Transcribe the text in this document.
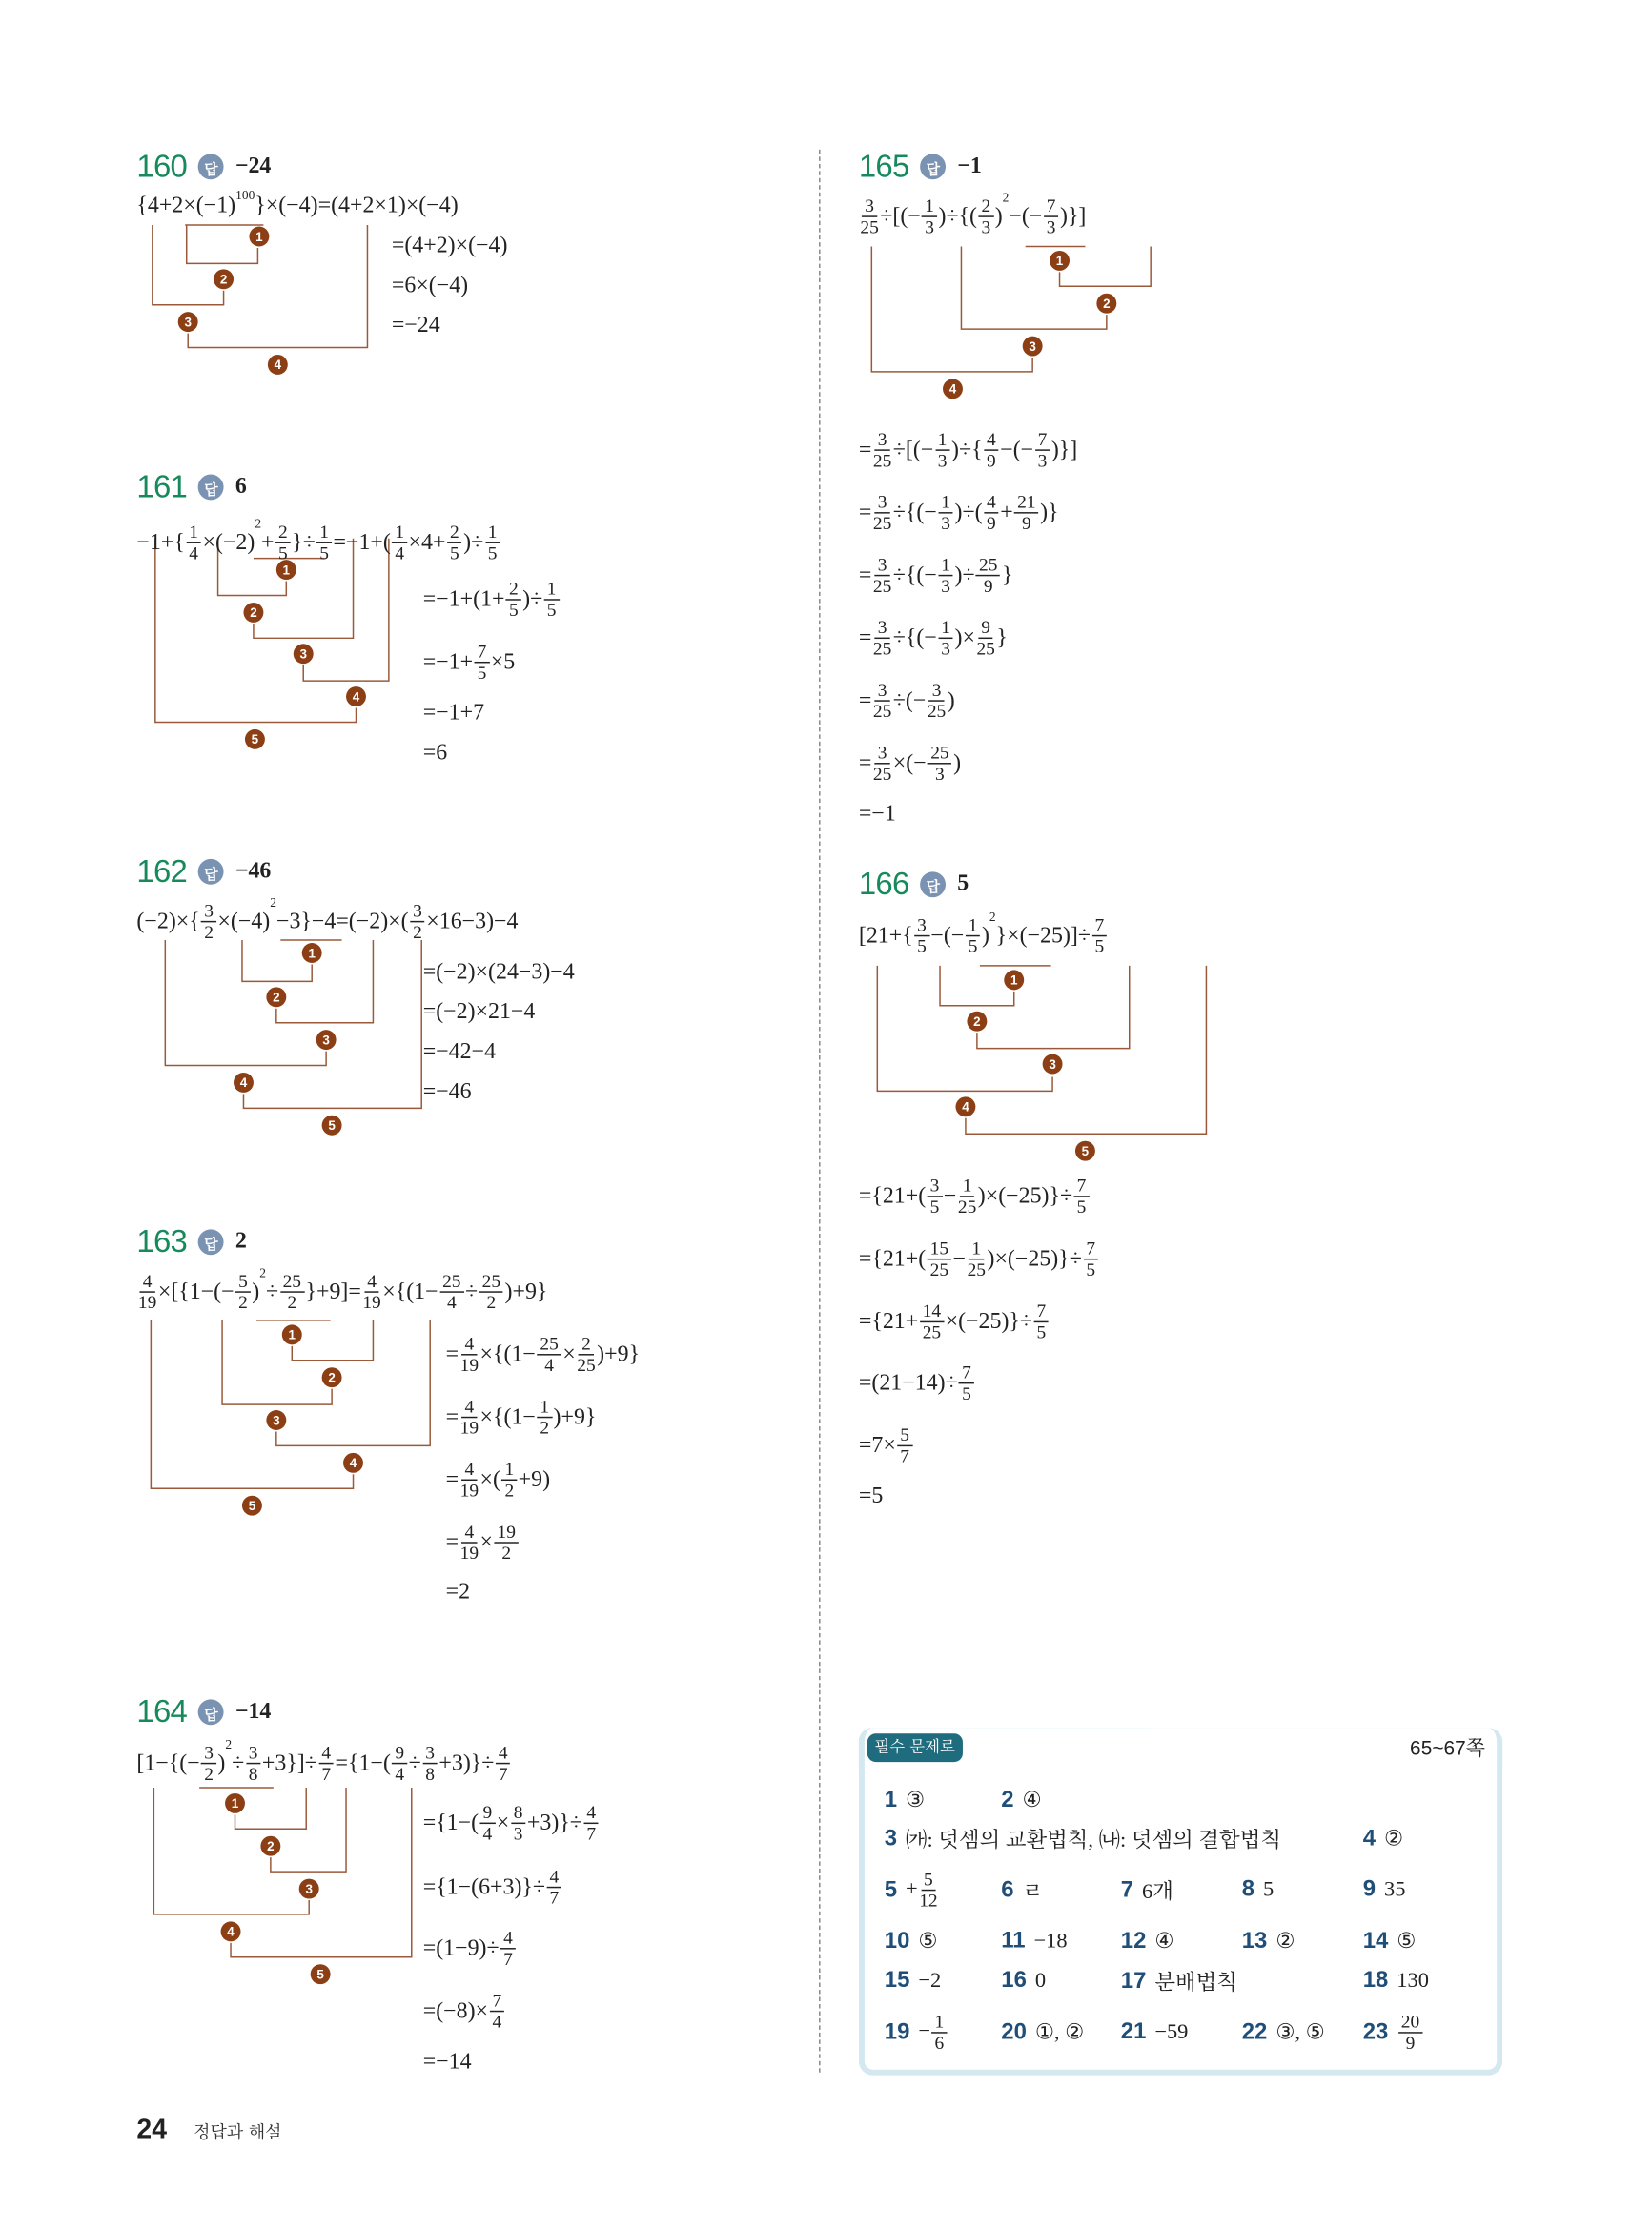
1
2
3
4
1
2
3
4
5
1
2
3
4
5
1
2
3
4
5
1
2
3
4
5
1
2
3
4
1
2
3
4
5
160	답	−24
{4+2×(−1) 100 }×(−4)=(4+2×1)×(−4)
=(4+2)×(−4)
=6×(−4)
=−24
161	답	6
$-1+\{ \frac{1}{4} \times(-2)$
2
+ $\frac{2}{5}$ }÷ $\frac{1}{5} =-1+( \frac{1}{4} \times 4+ \frac{2}{5}$ )÷ $\frac{1}{5}$
$=-1+(1+ \frac{2}{5}$ )÷ $\frac{1}{5}$
$=-1+ \frac{7}{5} \times 5$
=−1+7
=6
162	답	−46
$(-2)\times\{ \frac{3}{2} \times(-4)$
2
$-3\}-4=(-2)\times( \frac{3}{2} \times 16-3)-4$
=(−2)×(24−3)−4
=(−2)×21−4
=−42−4
=−46
163	답	2
$\frac{4}{19} \times[\{1-(- \frac{5}{2}$ )
2
÷ $\frac{25}{2} \}+9]= \frac{4}{19} \times\{(1- \frac{25}{4} \div \frac{25}{2} )+9\}$
= $\frac{4}{19} \times\{(1- \frac{25}{4} \times \frac{2}{25} )+9\}$
= $\frac{4}{19} \times\{(1- \frac{1}{2} )+9\}$
= $\frac{4}{19}$ ×( $\frac{1}{2} +9$)
= $\frac{4}{19} \times \frac{19}{2}$
=2
164	답	−14
[$1-\{(- \frac{3}{2}$ )
2
÷ $\frac{3}{8} +3\}]\div \frac{4}{7} =\{1-( \frac{9}{4} \div \frac{3}{8} +3)\}\div \frac{4}{7}$
$=\{1-( \frac{9}{4} \times \frac{8}{3} +3)\}\div \frac{4}{7}$
$=\{1-(6+3)\}\div \frac{4}{7}$
$=(1-9)\div \frac{4}{7}$
$=(-8)\times \frac{7}{4}$
=−14
165	답	−1
$\frac{3}{25}$ ÷[(− $\frac{1}{3}$ )÷{( $\frac{2}{3}$ )
2
−(− $\frac{7}{3}$ )}]
= $\frac{3}{25}$ ÷[(− $\frac{1}{3}$ )÷{ $\frac{4}{9}$ −(− $\frac{7}{3}$ )}]
= $\frac{3}{25}$ ÷{(− $\frac{1}{3}$ )÷( $\frac{4}{9} + \frac{21}{9}$ )}
= $\frac{3}{25}$ ÷{(− $\frac{1}{3}$ )÷ $\frac{25}{9}$ }
= $\frac{3}{25}$ ÷{(− $\frac{1}{3}$ )× $\frac{9}{25}$ }
= $\frac{3}{25}$ ÷(− $\frac{3}{25}$ )
= $\frac{3}{25}$ ×(− $\frac{25}{3}$ )
=−1
166	답	5
[$21+\{ \frac{3}{5}$ −(− $\frac{1}{5}$ )
2
}$\times(-25)]\div \frac{7}{5}$
$=\{21+( \frac{3}{5} - \frac{1}{25} )\times(-25)\}\div \frac{7}{5}$
$=\{21+( \frac{15}{25} - \frac{1}{25} )\times(-25)\}\div \frac{7}{5}$
$=\{21+ \frac{14}{25} \times(-25)\}\div \frac{7}{5}$
$=(21-14)\div \frac{7}{5}$
$=7\times \frac{5}{7}$
=5
필수 문제로	마무리하기	65~67쪽
1 ③	2 ④
3 ㈎: 덧셈의 교환법칙, ㈏: 덧셈의 결합법칙	4 ②
$5 + \frac{5}{12}$	6 ㄹ	7 6개	8 5	9 35
10 ⑤	11 −18	12 ④	13 ②	14 ⑤
15 −2	16 0	17 분배법칙	18 130
$19 - \frac{1}{6}$	20 ①, ② 21 −59	22 ③, ⑤	$23 \frac{20}{9}$
24 정답과 해설
